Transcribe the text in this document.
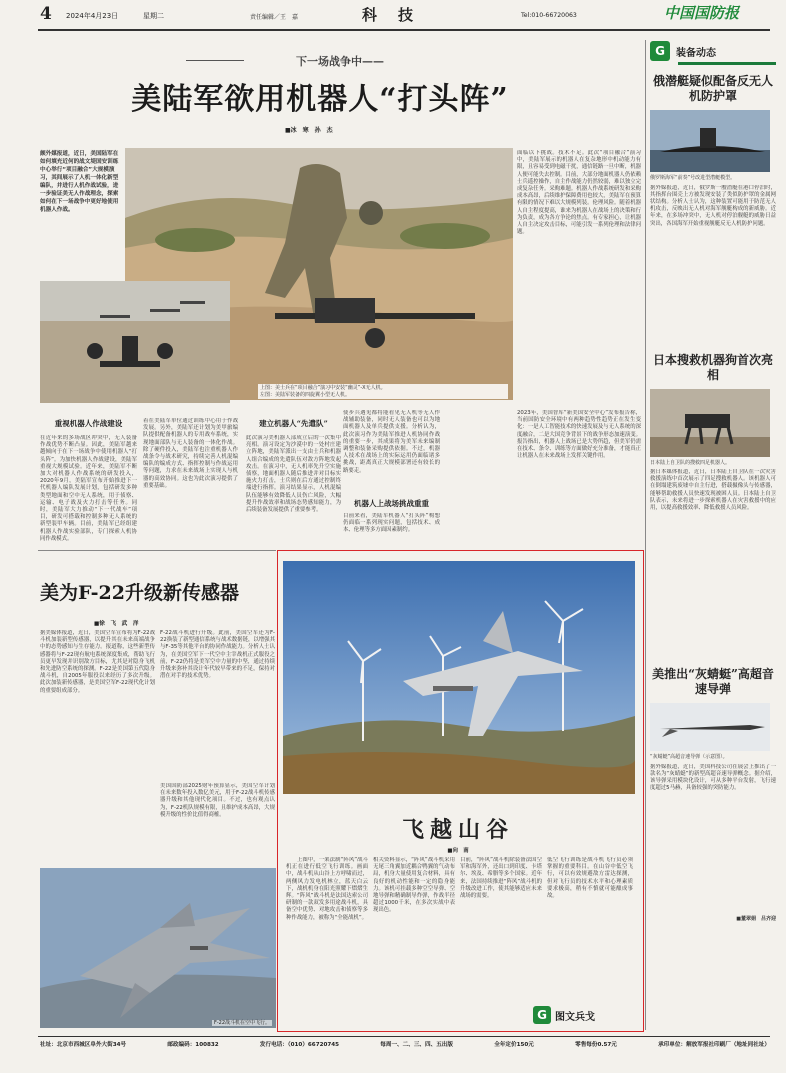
4 2024年4月23日	星期二	责任编辑／王　嘉	科　技	Tel:010-66720063	中国国防报
下一场战争中——
美陆军欲用机器人“打头阵”
■冰　寒　孙　杰
颇外媒报道，近日，美国陆军在如何填充近何的战文堤国安训练中心举行“项目融合”大规模演习，其间展示了人机一体化新型编队，并进行人机作战试验，进一步验证美无人作战理念，探索如何在下一场战争中更好地使用机器人作战。
上图：美士兵在“项目融合”演习中安装“幽灵”-X无人机。
左图：美陆军装备的四旋翼小型无人机。
重视机器人作战建设
在近年来的多场战区冲突中，无人装备作战优势不断凸显。因此，美陆军越来越倾向于在下一场战争中使用机器人“打头阵”。为加快机器人作战建设，美陆军重视大规模试验。近年来，美陆军不断加大对机器人作战系统的研发投入，2020年9月，美陆军宣布开始推进下一代机器人编队发展计划，包括研发多种类型地面和空中无人系统，用于侦察、运输、电子战及火力打击等任务。同时，美陆军大力推动“下一代战车”项目，研发可搭载和控制多种无人系统的新型装甲车辆。目前，美陆军已经组建机器人作战实验部队，专门探索人机协同作战模式。
着在美陆军单位通过训练中心用于作战发展。另外，美陆军还计划为美甲旅编队提供配备机器人的专用战车系统，实现地面部队与无人装备的一体化作战。除了硬件投入，美陆军也注重机器人作战条令与战术研究，持续完善人机混编编队的编成方式、指挥控制与作战运用等问题，力求在未来战场上实现人与机器的高效协同。这也为此次演习提供了重要基础。
建立机器人“先遣队”
此次演习美机器人部成立后的一次集中亮相。演习设定为沙漠中的一处村庄建立阵地，美陆军派出一支由士兵和机器人组合编成的先遣队伍对敌方阵地发起攻击。在演习中，无人机率先升空实施侦察，地面机器人随后推进并对目标实施火力打击，士兵则在后方通过控制终端进行指挥。演习结果显示，人机混编队伍能够有效降低人员伤亡风险，大幅提升作战效率和战场态势感知能力，为后续装备发展提供了重要参考。
使步兵遇见都将能看见无人机等无人作战辅助装备，同时无人装备也可以为地面机器人及单兵提供支援。分析认为，此次演习作为美陆军推进人机协同作战的重要一步，其成果将为美军未来编制调整和装备采购提供依据。不过，机器人技术在战场上的实际运用仍面临诸多挑战，距离真正大规模部署还有较长的路要走。
机器人上战场挑战重重
目前来看，美陆军机器人“打头阵”构想仍面临一系列现实问题，包括技术、成本、伦理等多方面因素制约。
面临以下挑战。技术不足。此次“项目融合”演习中，美陆军展示的机器人在复杂地形中机动能力有限，且容易受到电磁干扰，通信链路一旦中断，机器人便可能失去控制。目前，大部分地面机器人仍依赖士兵遥控操作，自主作战能力仍然较弱，难以独立完成复杂任务。采购难题。机器人作战系统研发和采购成本高昂，后续维护保障费用也较大，美陆军在预算有限的情况下难以大规模列装。伦理风险。随着机器人自主程度提高，谁来为机器人在战场上的决策和行为负责，成为各方争论的焦点。有专家担心，让机器人自主决定攻击目标，可能引发一系列伦理和法律问题。
2023年，美国智库“新美国安全中心”发布报告称，当前国防安全环境中有两种趋势性趋势正在发生变化：一是人工智能技术的快速发展及与无人系统的深度融合，二是大国竞争背景下的战争形态加速演变。报告指出，机器人上战场已是大势所趋，但美军仍需在技术、条令、训练等方面做好充分准备，才能真正让机器人在未来战场上发挥关键作用。
美为F-22升级新传感器
■徐　飞　武　洋
据美媒体报道，近日，美国空军宣布将为F-22战斗机加装新型传感器，以提升其在未来高端战争中的态势感知与生存能力。报道称，这些新型传感器将与F-22现有航电系统深度集成，帮助飞行员更早发现并识别敌方目标，尤其是对隐身飞机和先进防空系统的探测。F-22是美国第五代隐身战斗机，自2005年服役以来经历了多次升级。此次加装新传感器，是美国空军F-22现代化计划的重要组成部分。
F-22战斗机进行升级。此前，美国空军还为F-22换装了新型通信系统与战术数据链，以增强其与F-35等其他平台的协同作战能力。分析人士认为，在美国空军下一代空中主宰战机正式服役之前，F-22仍将是美军空中力量的中坚，通过持续升级来弥补其设计年代较早带来的不足，保持对潜在对手的技术优势。
美国国防部2025财年预算显示，美国空军计划在未来数年投入数亿美元，用于F-22战斗机传感器升级和其他现代化项目。不过，也有观点认为，F-22机队规模有限，且维护成本高昂，大规模升级的性价比值得商榷。
F-22战斗机在空中飞行。
飞越山谷
■向　南
　　上图中，一架法制“阵风”战斗机正在进行低空飞行训练。画面中，战斗机从山谷上方呼啸而过，两侧风力发电机林立，蓝天白云下，战机机身在阳光照耀下熠熠生辉。“阵风”战斗机是法国达索公司研制的一款双发多用途战斗机，具备空中优势、对地攻击和侦察等多种作战能力，被称为“全能战机”。
相关资料显示，“阵风”战斗机采用无尾三角翼加近耦合鸭翼的气动布局，机身大量使用复合材料，具有良好的机动性能和一定的隐身能力。该机可挂载多种空空导弹、空地导弹和精确制导炸弹，作战半径超过1000千米，在多次实战中表现出色。
目前，“阵风”战斗机除装备法国空军和海军外，还出口到印度、卡塔尔、埃及、希腊等多个国家。近年来，法国持续推进“阵风”战斗机的升级改进工作，使其能够适应未来战场的需要。
低空飞行训练是战斗机飞行员必须掌握的重要科目。在山谷中低空飞行，可以有效规避敌方雷达探测，但对飞行员的技术水平和心理素质要求极高，稍有不慎就可能酿成事故。
G 图文兵戈
G	装备动态
俄潜艇疑似配备反无人机防护罩
俄罗斯海军“前奏”号改进型潜艇模型。
据外媒报道，近日，俄罗斯一艘潜艇在港口停泊时，其指挥台围壳上方被发现安装了类似防护罩的金属网状结构。分析人士认为，这种装置可能用于防范无人机攻击，反映出无人机对海军舰艇构成的新威胁。近年来，在多场冲突中，无人机对停泊舰艇的威胁日益突出，各国海军开始重视舰艇反无人机防护问题。
日本搜救机器狗首次亮相
日本陆上自卫队的搜救四足机器人。
据日本媒体报道，近日，日本陆上自卫队在一次灾害救援演练中首次展示了四足搜救机器人。该机器人可在倒塌建筑废墟中自主行进，搭载摄像头与传感器，能够帮助救援人员快速发现被困人员。日本陆上自卫队表示，未来将进一步探索机器人在灾害救援中的应用，以提高救援效率、降低救援人员风险。
美推出“灰蜻蜓”高超音速导弹
“灰蜻蜓”高超音速导弹（示意图）。
据外媒报道，近日，美国科技公司在展会上推出了一款名为“灰蜻蜓”的新型高超音速导弹概念。据介绍，该导弹采用模块化设计，可从多种平台发射，飞行速度超过5马赫，具备较强的突防能力。
■董翠娟　吕齐迎
社址：北京市西城区阜外大街34号	邮政编码：100832	发行电话：（010）66720745	每周一、二、三、四、五出版	全年定价150元	零售每份0.57元	承印单位：解放军报社印刷厂（地址同社址）
